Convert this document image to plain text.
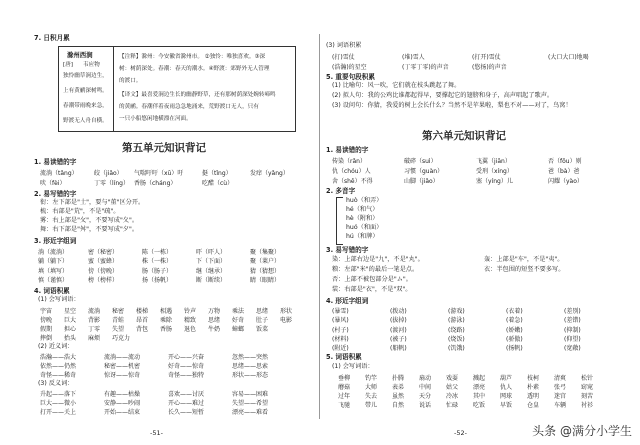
7. 日积月累
滁州西涧
[唐] 韦应物
独怜幽草涧边生，
上有黄鹂深树鸣。
春潮带雨晚来急，
野渡无人舟自横。
【注释】滁州：今安徽省滁州市。 ②独怜：唯独喜欢。③深
树：树荫深处。春潮：春天的潮水。④野渡：郊野外无人管理
的渡口。
【译文】最喜爱涧边生长的幽静野草，还有那树荫深处婉转啼鸣
的黄鹂。春潮伴着夜雨急急地涌来，荒野渡口无人，只有
一只小船悠闲地横漂在河面。
第五单元知识背记
1. 易读错的字
流淌（tǎng）	皎（jiǎo） 气喘吁吁（xū）吁	挺（tǐng）	发痒（yǎng）
吠（fèi）	丁零（líng） 香肠（cháng）	吃醋（cù）
2. 易写错的字
衔：左下部是"土"，要与"董"区分开。
梳：右部是"荒"，不是"疏"。
雾：右上部是"攵"，不要写成"夂"。
舞：右下部是"舛"，不要写成"夕"。
3. 形近字组词
淌（流淌）	密（秘密）	陈（一栋）	吓（吓人）	聚（集聚）
躺（躺下）	蜜（蜜蜂）	株（一株）	下（下面）	聚（莱户）
填（填写）	傍（傍晚）	肠（肠子）	继（继承）	猜（猜想）
慎（谨慎）	榜（榜样）	扬（扬帆）	断（断续）	睛（眼睛）
4. 词语积累
(1) 会写词语：
宇宙 星空 流淌 秘密 楼梯 相遇 铃声 万物 乘法 思绪 形状
傍晚 巨大 背影 青蛙 昂首 乘除 精致 思绪 好奇 肚子 电影
假期 担心 丁零 失望 背包 香肠 退色 牛奶 蟑螂 饭菜
摔倒 抬头 麻烦 巧克力
(2) 近义词：
浩瀚——浩大	流淌——流动	开心——兴奋	忽然——突然
依然——仍然	秘密——机密	好奇——惊奇	思绪——思索
奇怪——稀奇	惊讶——惊奇	奇怪——独特	形状——形态
(3) 反义词：
升起——落下	有趣——枯燥	喜欢——讨厌	容易——困难
巨大——微小	安静——吵闹	开心——难过	失望——希望
打开——关上	开始——结束	长久——短暂	漂亮——难看
-51-
(3) 词语积累
(打)雪仗	(堆)雪人	(打开)雪仗	(大口大口)地喝
(浩瀚)的星空	(丁零丁零)的声音	(悠扬)的声音
5. 重要句段积累
(1) 比喻句：风一吹，它们就在枝头跳起了舞。
(2) 拟人句：我的公鸡比谁都起得早，要撑起它的翅膀和身子，高声唱起了歌声。
(3) 设问句：你猜，我爱的树上会长什么？当然不是苹果啦，梨也不对——对了，鸟窝！
第六单元知识背记
1. 易读错的字
传染（rǎn）	破碎（suì）	飞翼（jiān）	否（fǒu）则
仇（chóu）人	习惯（guàn）	受刑（xíng）	爸（bà）爸
舍（shě）不得	山脚（jiǎo）	塞（yíng）儿	闪耀（yào）
2. 多音字
huò（和弄）
hé（和气）
hè（附和）
huó（和面）
hú（和牌）
3. 易写错的字
染：上部右边是"九"，不是"丸"。
粮：左部"米"的最后一笔是点。
否：上部不被包部分是"ム"。
装：右部是"衣"，不是"双"。
轰：上部是"车"，不是"夷"。
衣：半包围的短竖不要多写。
4. 形近字组词
(暴雪)	(拨动)	(游戏)	(衣着)	(差别)
(暴风)	(拔掉)	(游泳)	(着急)	(差错)
(村子)	(渡河)	(绕路)	(娇嫩)	(抑制)
(材料)	(被子)	(烧饭)	(骄傲)	(仰望)
(附近)	(船帆)	(饥饿)	(扬帆)	(宽敞)
5. 词语积累
(1) 会写词语：
垂柳 钓竿 扑腾 扇动 戏耍 溅起 葫芦 枝柯 清爽 松针
蘑菇 大师 表弟 中间 姑父 漂亮 仇人 朴素 张弓 窈窕
过年 失去 虽然 天分 冷冰 其中 网球 透明 迷宫 刻苦
飞驰 带儿 自然 说话 忙碌 吃饭 早饭 仓皇 车辆 衬衫
-52-	头条 @满分小学生
